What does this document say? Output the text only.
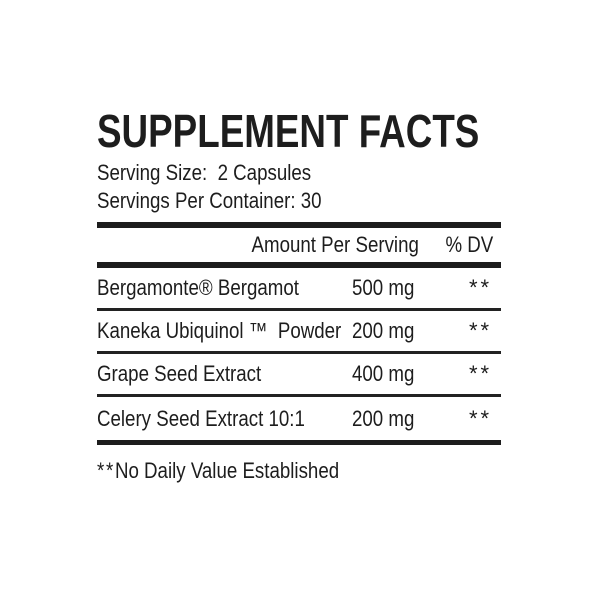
SUPPLEMENT FACTS
Serving Size:  2 Capsules
Servings Per Container: 30
Amount Per Serving % DV
Bergamonte® Bergamot	500 mg	**
Kaneka Ubiquinol ™  Powder 200 mg	**
Grape Seed Extract	400 mg	**
Celery Seed Extract 10:1	200 mg	**
**No Daily Value Established
